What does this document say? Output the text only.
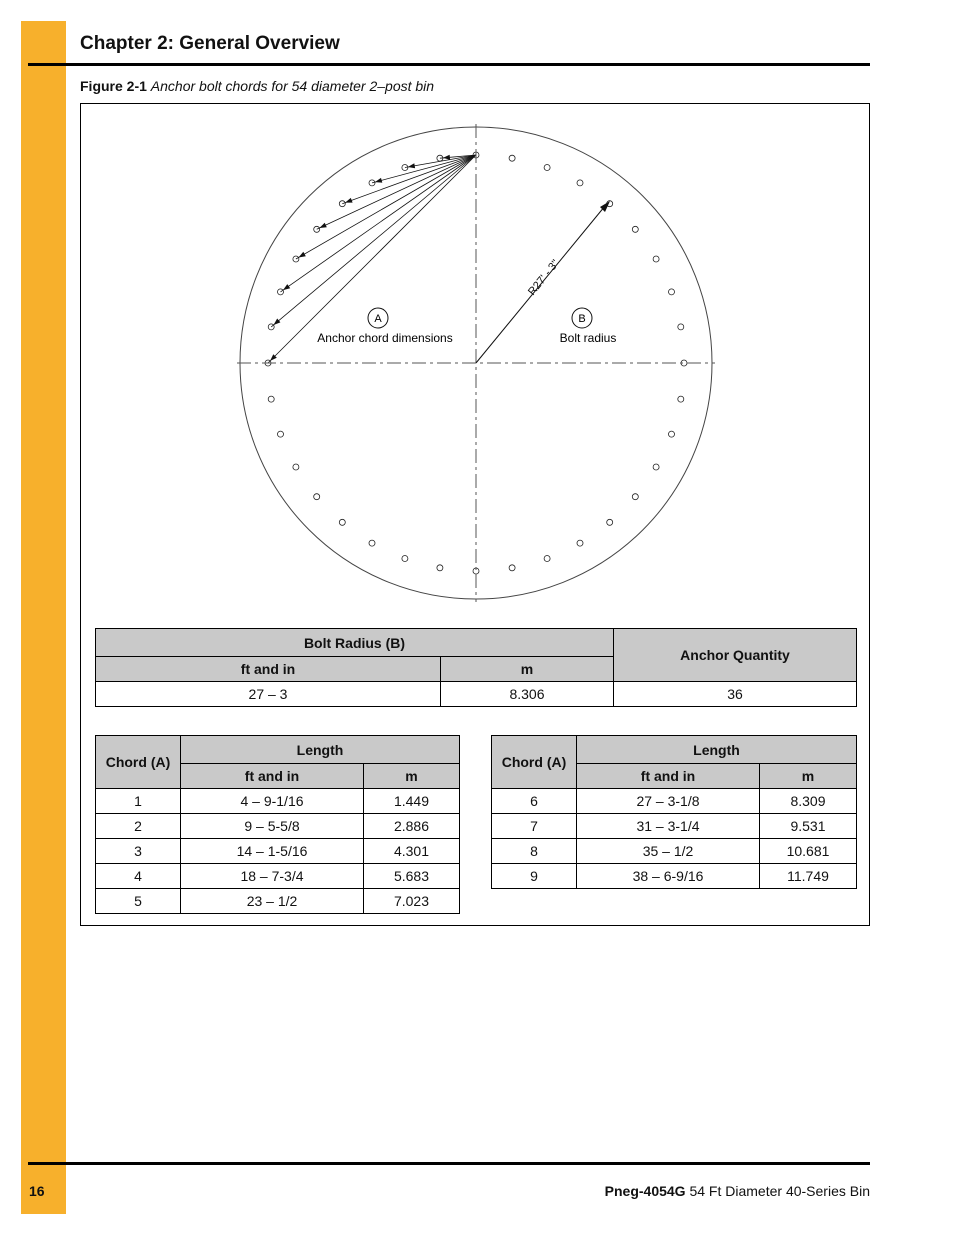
Chapter 2: General Overview
Figure 2-1 Anchor bolt chords for 54 diameter 2–post bin
R27' - 3"
A
Anchor chord dimensions
B
Bolt radius
Bolt Radius (B)		Anchor Quantity
ft and in	m	
27 – 3	8.306	36
Chord (A)	Length	
	ft and in	m
1	4 – 9-1/16	1.449
2	9 – 5-5/8	2.886
3	14 – 1-5/16	4.301
4	18 – 7-3/4	5.683
5	23 – 1/2	7.023
Chord (A)	Length	
	ft and in	m
6	27 – 3-1/8	8.309
7	31 – 3-1/4	9.531
8	35 – 1/2	10.681
9	38 – 6-9/16	11.749
16	Pneg-4054G 54 Ft Diameter 40-Series Bin
